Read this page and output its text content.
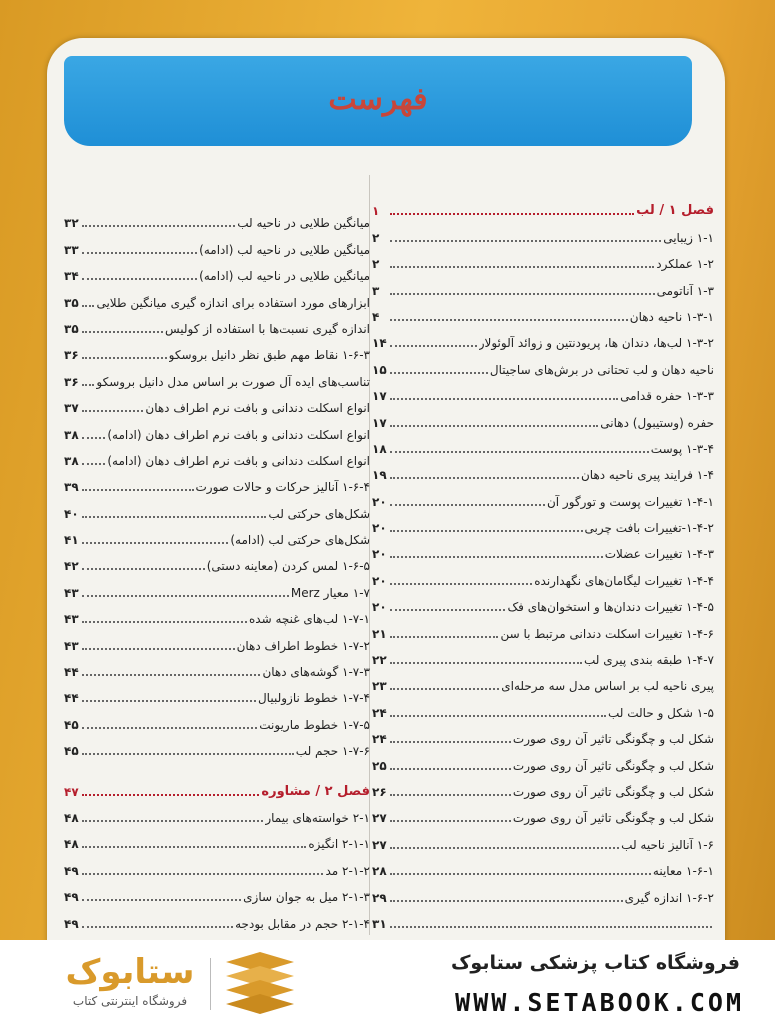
فهرست
فصل ۱ / لب
۱
۱-۱ زیبایی
۲
۱-۲ عملکرد
۲
۱-۳ آناتومی
۳
۱-۳-۱ ناحیه دهان
۴
۱-۳-۲ لب‌ها، دندان ها، پریودنتین و زوائد آلوئولار
۱۴
ناحیه دهان و لب تحتانی در برش‌های ساجیتال
۱۵
۱-۳-۳ حفره قدامی
۱۷
حفره (وستیبول) دهانی
۱۷
۱-۳-۴ پوست
۱۸
۱-۴ فرایند پیری ناحیه دهان
۱۹
۱-۴-۱ تغییرات پوست و تورگور آن
۲۰
۱-۴-۲-تغییرات بافت چربی
۲۰
۱-۴-۳ تغییرات عضلات
۲۰
۱-۴-۴ تغییرات لیگامان‌های نگهدارنده
۲۰
۱-۴-۵ تغییرات دندان‌ها و استخوان‌های فک
۲۰
۱-۴-۶ تغییرات اسکلت دندانی مرتبط با سن
۲۱
۱-۴-۷ طبقه بندی پیری لب
۲۲
پیری ناحیه لب بر اساس مدل سه مرحله‌ای
۲۳
۱-۵ شکل و حالت لب
۲۴
شکل لب و چگونگی تاثیر آن روی صورت
۲۴
شکل لب و چگونگی تاثیر آن روی صورت
۲۵
شکل لب و چگونگی تاثیر آن روی صورت
۲۶
شکل لب و چگونگی تاثیر آن روی صورت
۲۷
۱-۶ آنالیز ناحیه لب
۲۷
۱-۶-۱ معاینه
۲۸
۱-۶-۲ اندازه گیری
۲۹
۳۱
میانگین طلایی در ناحیه لب
۳۲
میانگین طلایی در ناحیه لب (ادامه)
۳۳
میانگین طلایی در ناحیه لب (ادامه)
۳۴
ابزارهای مورد استفاده برای اندازه گیری میانگین طلایی
۳۵
اندازه گیری نسبت‌ها با استفاده از کولیس
۳۵
۱-۶-۳ نقاط مهم طبق نظر دانیل بروسکو
۳۶
تناسب‌های ایده آل صورت بر اساس مدل دانیل بروسکو
۳۶
انواع اسکلت دندانی و بافت نرم اطراف دهان
۳۷
انواع اسکلت دندانی و بافت نرم اطراف دهان (ادامه)
۳۸
انواع اسکلت دندانی و بافت نرم اطراف دهان (ادامه)
۳۸
۱-۶-۴ آنالیز حرکات و حالات صورت
۳۹
شکل‌های حرکتی لب
۴۰
شکل‌های حرکتی لب (ادامه)
۴۱
۱-۶-۵ لمس کردن (معاینه دستی)
۴۲
۱-۷ معیار Merz
۴۳
۱-۷-۱ لب‌های غنچه شده
۴۳
۱-۷-۲ خطوط اطراف دهان
۴۳
۱-۷-۳ گوشه‌های دهان
۴۴
۱-۷-۴ خطوط نازولبیال
۴۴
۱-۷-۵ خطوط ماریونت
۴۵
۱-۷-۶ حجم لب
۴۵
فصل ۲ / مشاوره
۴۷
۲-۱ خواسته‌های بیمار
۴۸
۲-۱-۱ انگیزه
۴۸
۲-۱-۲ مد
۴۹
۲-۱-۳ میل به جوان سازی
۴۹
۲-۱-۴ حجم در مقابل بودجه
۴۹
ستابوک
فروشگاه اینترنتی کتاب
فروشگاه کتاب پزشکی ستابوک
WWW.SETABOOK.COM
